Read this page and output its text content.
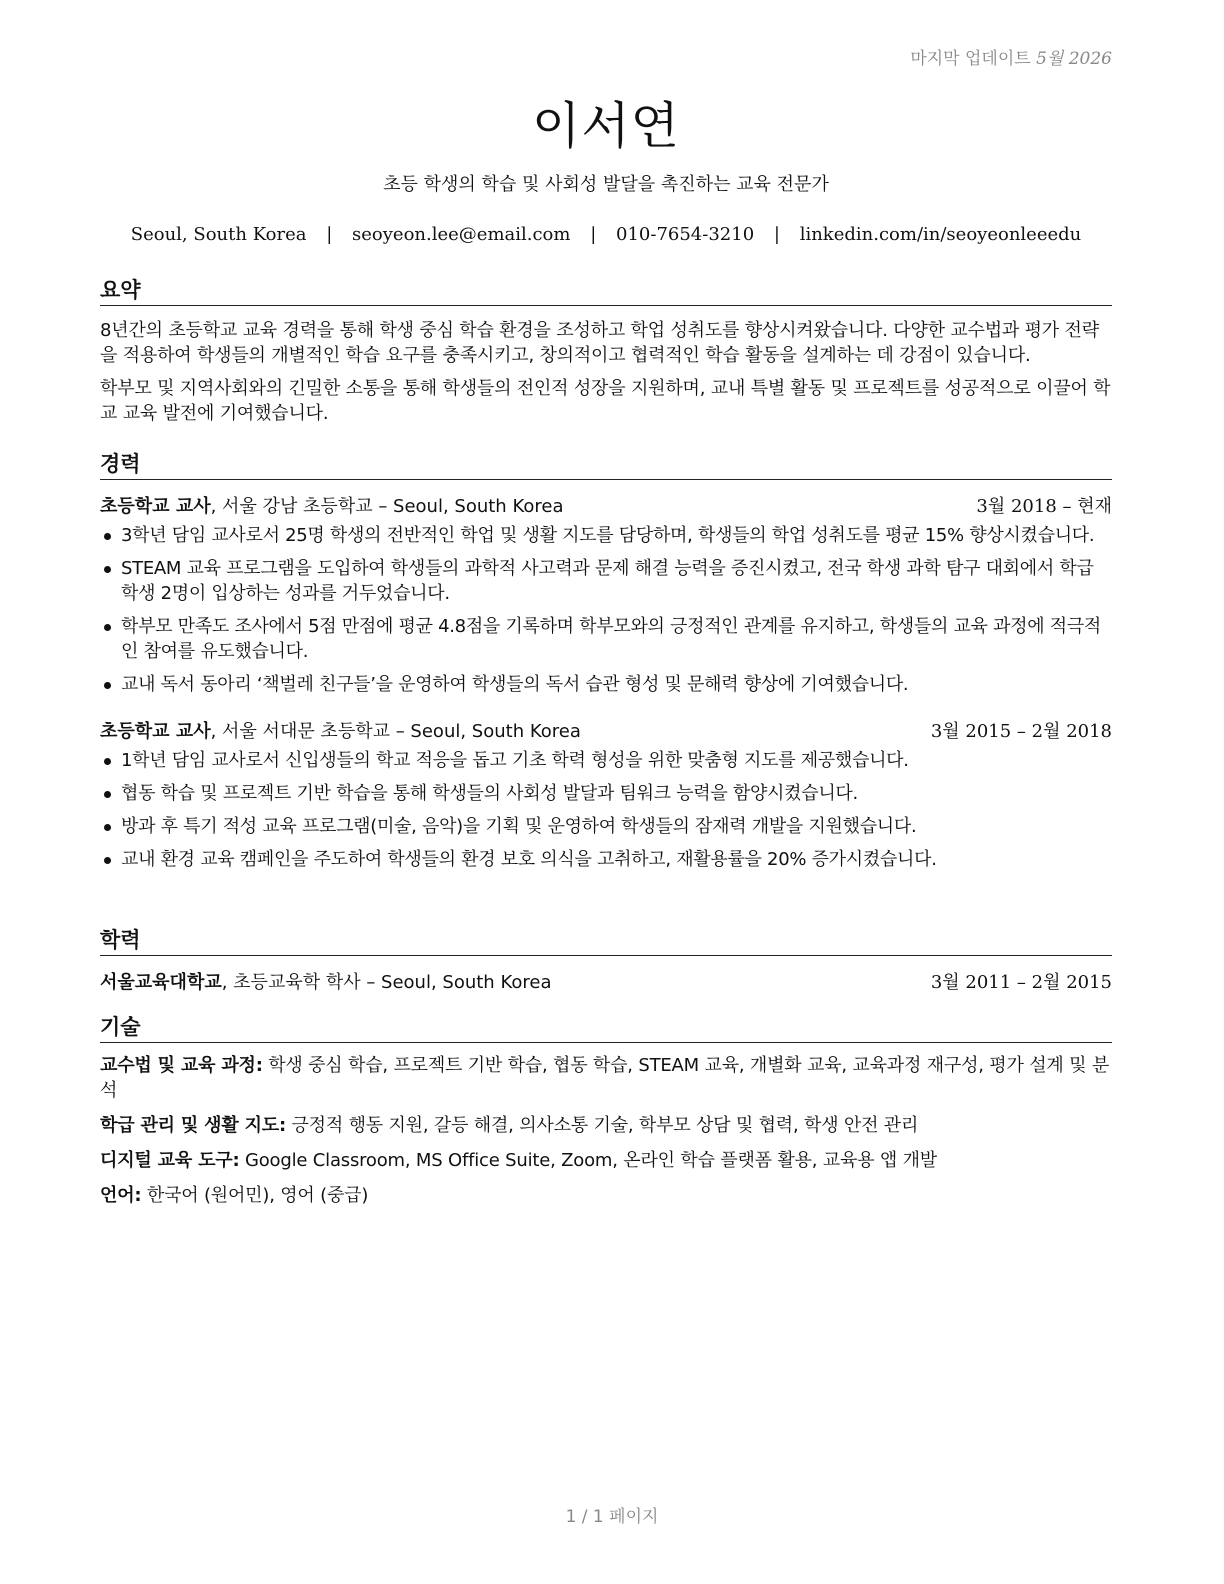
마지막 업데이트 5월 2026
이서연
초등 학생의 학습 및 사회성 발달을 촉진하는 교육 전문가
Seoul, South Korea | seoyeon.lee@email.com | 010-7654-3210 | linkedin.com/in/seoyeonleeedu
요약

8년간의 초등학교 교육 경력을 통해 학생 중심 학습 환경을 조성하고 학업 성취도를 향상시켜왔습니다. 다양한 교수법과 평가 전략을 적용하여 학생들의 개별적인 학습 요구를 충족시키고, 창의적이고 협력적인 학습 활동을 설계하는 데 강점이 있습니다.

학부모 및 지역사회와의 긴밀한 소통을 통해 학생들의 전인적 성장을 지원하며, 교내 특별 활동 및 프로젝트를 성공적으로 이끌어 학교 교육 발전에 기여했습니다.

경력
초등학교 교사, 서울 강남 초등학교 – Seoul, South Korea	3월 2018 – 현재
3학년 담임 교사로서 25명 학생의 전반적인 학업 및 생활 지도를 담당하며, 학생들의 학업 성취도를 평균 15% 향상시켰습니다.
STEAM 교육 프로그램을 도입하여 학생들의 과학적 사고력과 문제 해결 능력을 증진시켰고, 전국 학생 과학 탐구 대회에서 학급 학생 2명이 입상하는 성과를 거두었습니다.
학부모 만족도 조사에서 5점 만점에 평균 4.8점을 기록하며 학부모와의 긍정적인 관계를 유지하고, 학생들의 교육 과정에 적극적인 참여를 유도했습니다.
교내 독서 동아리 ‘책벌레 친구들’을 운영하여 학생들의 독서 습관 형성 및 문해력 향상에 기여했습니다.
초등학교 교사, 서울 서대문 초등학교 – Seoul, South Korea	3월 2015 – 2월 2018
1학년 담임 교사로서 신입생들의 학교 적응을 돕고 기초 학력 형성을 위한 맞춤형 지도를 제공했습니다.
협동 학습 및 프로젝트 기반 학습을 통해 학생들의 사회성 발달과 팀워크 능력을 함양시켰습니다.
방과 후 특기 적성 교육 프로그램(미술, 음악)을 기획 및 운영하여 학생들의 잠재력 개발을 지원했습니다.
교내 환경 교육 캠페인을 주도하여 학생들의 환경 보호 의식을 고취하고, 재활용률을 20% 증가시켰습니다.
학력
서울교육대학교, 초등교육학 학사 – Seoul, South Korea	3월 2011 – 2월 2015
기술
교수법 및 교육 과정: 학생 중심 학습, 프로젝트 기반 학습, 협동 학습, STEAM 교육, 개별화 교육, 교육과정 재구성, 평가 설계 및 분석
학급 관리 및 생활 지도: 긍정적 행동 지원, 갈등 해결, 의사소통 기술, 학부모 상담 및 협력, 학생 안전 관리
디지털 교육 도구: Google Classroom, MS Office Suite, Zoom, 온라인 학습 플랫폼 활용, 교육용 앱 개발
언어: 한국어 (원어민), 영어 (중급)
1 / 1 페이지
